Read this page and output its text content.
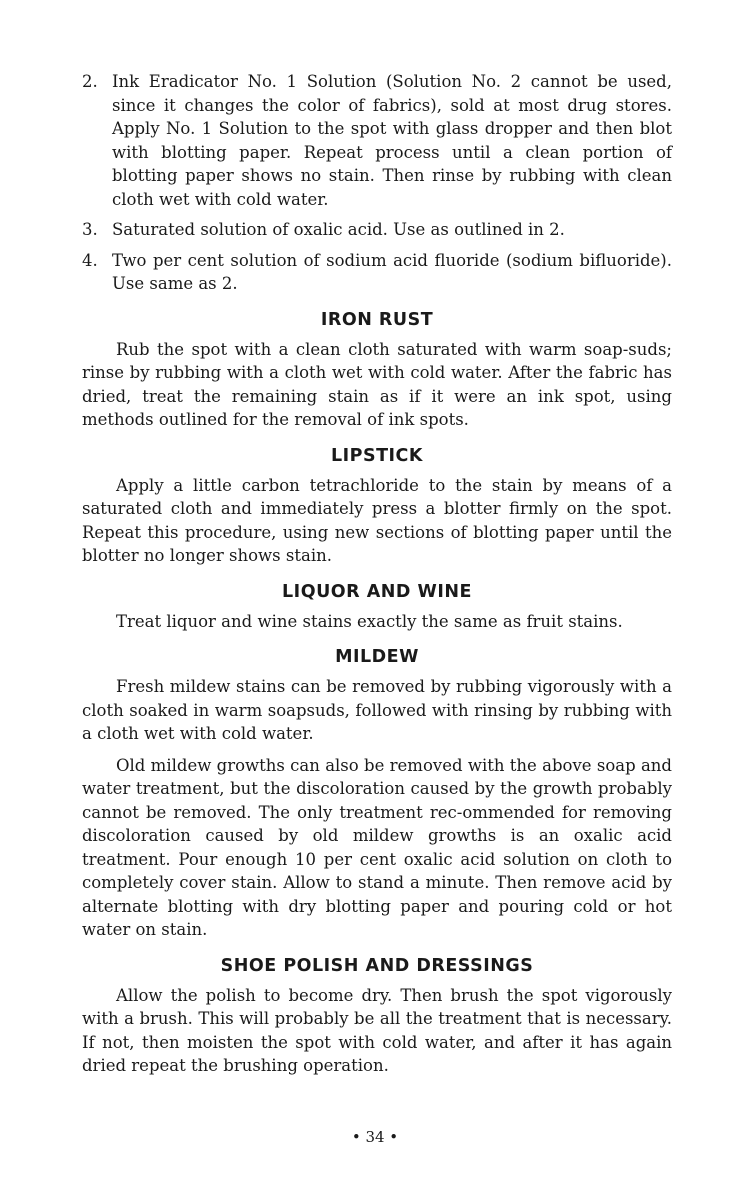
2. Ink Eradicator No. 1 Solution (Solution No. 2 cannot be used, since it changes the color of fabrics), sold at most drug stores. Apply No. 1 Solution to the spot with glass dropper and then blot with blotting paper. Repeat process until a clean portion of blotting paper shows no stain. Then rinse by rubbing with clean cloth wet with cold water.
3. Saturated solution of oxalic acid. Use as outlined in 2.
4. Two per cent solution of sodium acid fluoride (sodium bifluoride). Use same as 2.
IRON RUST

Rub the spot with a clean cloth saturated with warm soap-suds; rinse by rubbing with a cloth wet with cold water. After the fabric has dried, treat the remaining stain as if it were an ink spot, using methods outlined for the removal of ink spots.

LIPSTICK

Apply a little carbon tetrachloride to the stain by means of a saturated cloth and immediately press a blotter firmly on the spot. Repeat this procedure, using new sections of blotting paper until the blotter no longer shows stain.

LIQUOR AND WINE

Treat liquor and wine stains exactly the same as fruit stains.

MILDEW

Fresh mildew stains can be removed by rubbing vigorously with a cloth soaked in warm soapsuds, followed with rinsing by rubbing with a cloth wet with cold water.

Old mildew growths can also be removed with the above soap and water treatment, but the discoloration caused by the growth probably cannot be removed. The only treatment rec-ommended for removing discoloration caused by old mildew growths is an oxalic acid treatment. Pour enough 10 per cent oxalic acid solution on cloth to completely cover stain. Allow to stand a minute. Then remove acid by alternate blotting with dry blotting paper and pouring cold or hot water on stain.

SHOE POLISH AND DRESSINGS

Allow the polish to become dry. Then brush the spot vigorously with a brush. This will probably be all the treatment that is necessary. If not, then moisten the spot with cold water, and after it has again dried repeat the brushing operation.

• 34 •
